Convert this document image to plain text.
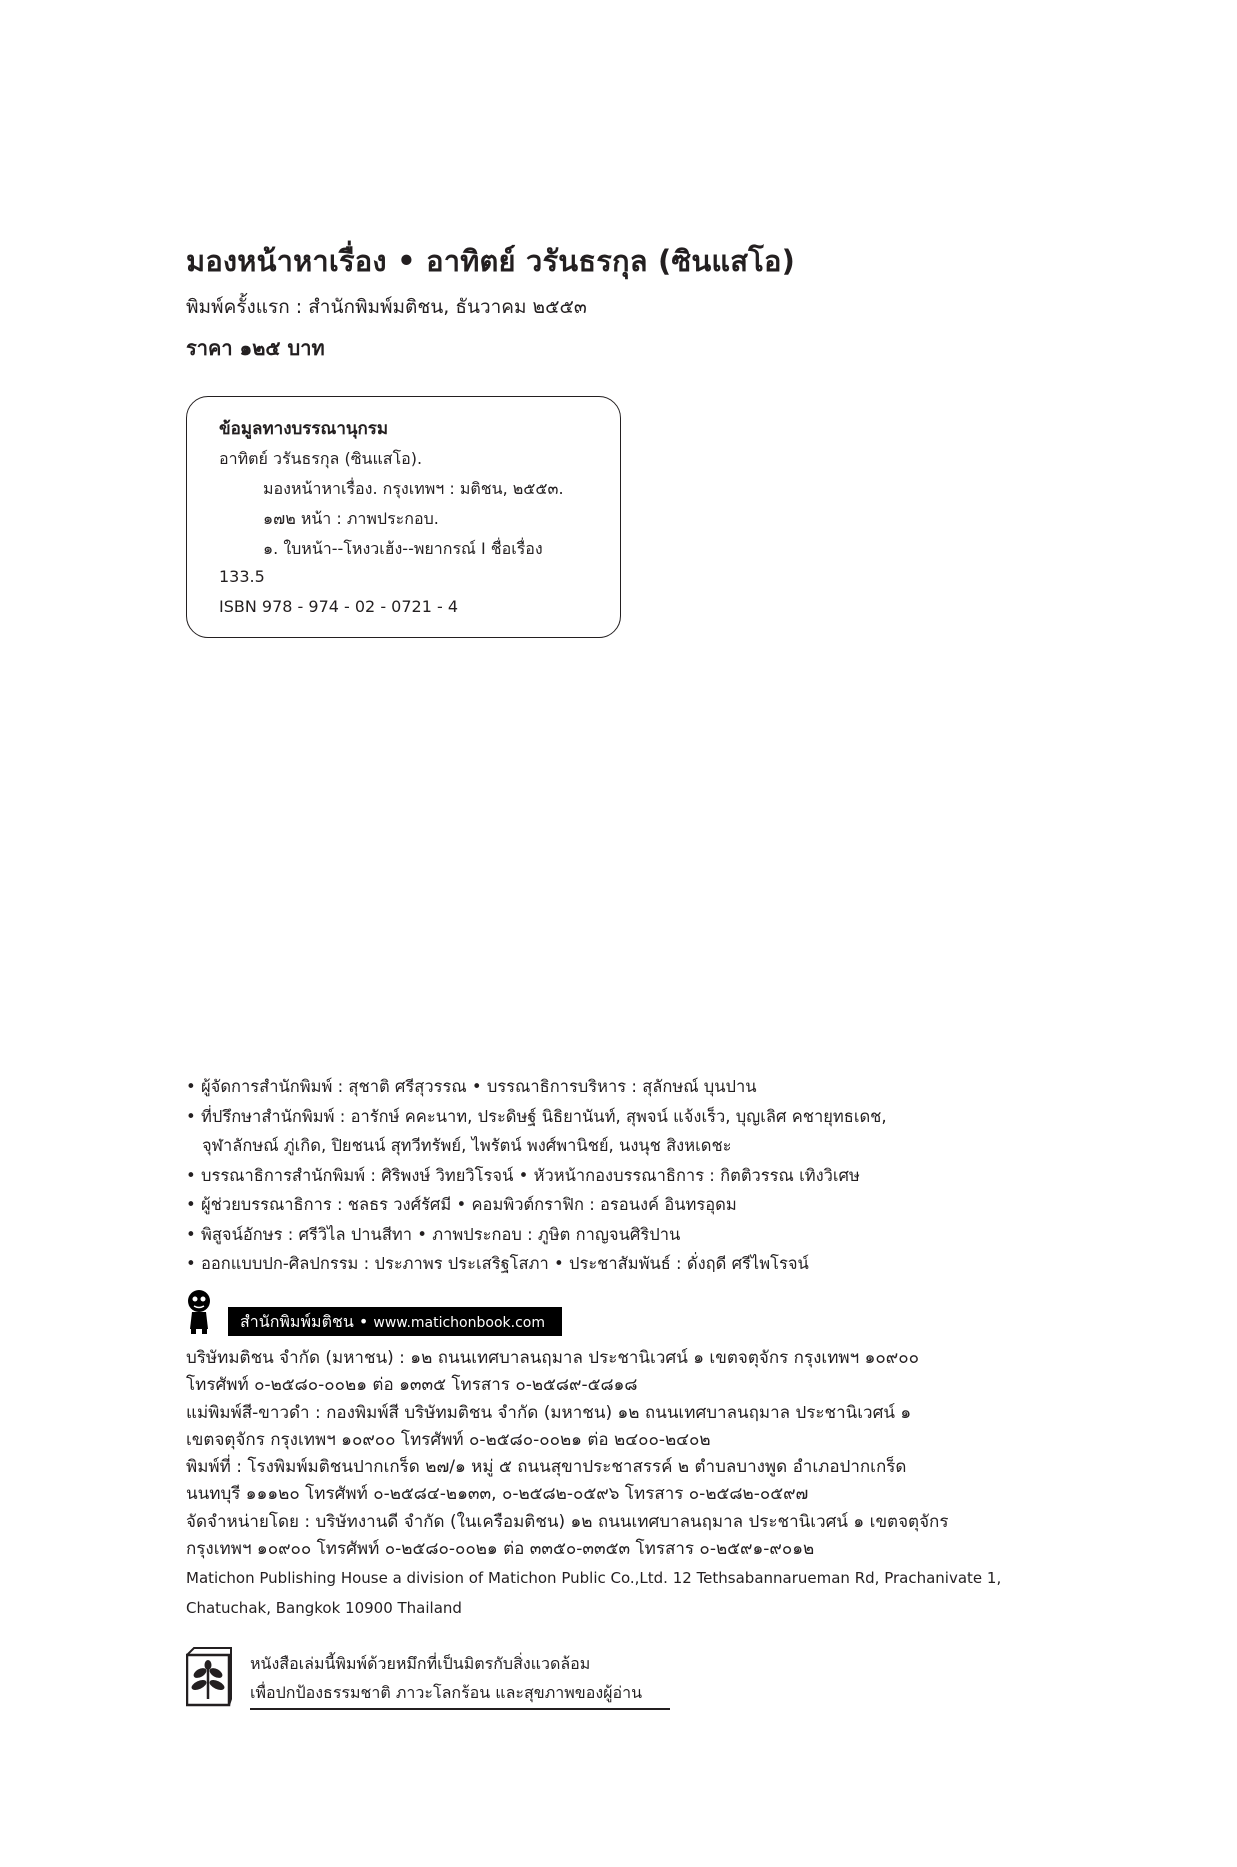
มองหน้าหาเรื่อง • อาทิตย์ วรันธรกุล (ซินแสโอ)
พิมพ์ครั้งแรก : สำนักพิมพ์มติชน, ธันวาคม ๒๕๕๓
ราคา ๑๒๕ บาท
ข้อมูลทางบรรณานุกรม
อาทิตย์ วรันธรกุล (ซินแสโอ).
มองหน้าหาเรื่อง. กรุงเทพฯ : มติชน, ๒๕๕๓.
๑๗๒ หน้า : ภาพประกอบ.
๑. ใบหน้า--โหงวเฮ้ง--พยากรณ์ I ชื่อเรื่อง
133.5
ISBN 978 - 974 - 02 - 0721 - 4
• ผู้จัดการสำนักพิมพ์ : สุชาติ ศรีสุวรรณ • บรรณาธิการบริหาร : สุลักษณ์ บุนปาน
• ที่ปรึกษาสำนักพิมพ์ : อารักษ์ คคะนาท, ประดิษฐ์ นิธิยานันท์, สุพจน์ แจ้งเร็ว, บุญเลิศ คชายุทธเดช,
จุฬาลักษณ์ ภู่เกิด, ปิยชนน์ สุทวีทรัพย์, ไพรัตน์ พงศ์พานิชย์, นงนุช สิงหเดชะ
• บรรณาธิการสำนักพิมพ์ : ศิริพงษ์ วิทยวิโรจน์ • หัวหน้ากองบรรณาธิการ : กิตติวรรณ เทิงวิเศษ
• ผู้ช่วยบรรณาธิการ : ชลธร วงศ์รัศมี • คอมพิวต์กราฟิก : อรอนงค์ อินทรอุดม
• พิสูจน์อักษร : ศรีวิไล ปานสีทา • ภาพประกอบ : ภูษิต กาญจนศิริปาน
• ออกแบบปก-ศิลปกรรม : ประภาพร ประเสริฐโสภา • ประชาสัมพันธ์ : ดั่งฤดี ศรีไพโรจน์
สำนักพิมพ์มติชน • www.matichonbook.com
บริษัทมติชน จำกัด (มหาชน) : ๑๒ ถนนเทศบาลนฤมาล ประชานิเวศน์ ๑ เขตจตุจักร กรุงเทพฯ ๑๐๙๐๐
โทรศัพท์ ๐-๒๕๘๐-๐๐๒๑ ต่อ ๑๓๓๕ โทรสาร ๐-๒๕๘๙-๕๘๑๘
แม่พิมพ์สี-ขาวดำ : กองพิมพ์สี บริษัทมติชน จำกัด (มหาชน) ๑๒ ถนนเทศบาลนฤมาล ประชานิเวศน์ ๑
เขตจตุจักร กรุงเทพฯ ๑๐๙๐๐ โทรศัพท์ ๐-๒๕๘๐-๐๐๒๑ ต่อ ๒๔๐๐-๒๔๐๒
พิมพ์ที่ : โรงพิมพ์มติชนปากเกร็ด ๒๗/๑ หมู่ ๕ ถนนสุขาประชาสรรค์ ๒ ตำบลบางพูด อำเภอปากเกร็ด
นนทบุรี ๑๑๑๒๐ โทรศัพท์ ๐-๒๕๘๔-๒๑๓๓, ๐-๒๕๘๒-๐๕๙๖ โทรสาร ๐-๒๕๘๒-๐๕๙๗
จัดจำหน่ายโดย : บริษัทงานดี จำกัด (ในเครือมติชน) ๑๒ ถนนเทศบาลนฤมาล ประชานิเวศน์ ๑ เขตจตุจักร
กรุงเทพฯ ๑๐๙๐๐ โทรศัพท์ ๐-๒๕๘๐-๐๐๒๑ ต่อ ๓๓๕๐-๓๓๕๓ โทรสาร ๐-๒๕๙๑-๙๐๑๒
Matichon Publishing House a division of Matichon Public Co.,Ltd. 12 Tethsabannarueman Rd, Prachanivate 1,
Chatuchak, Bangkok 10900 Thailand
หนังสือเล่มนี้พิมพ์ด้วยหมึกที่เป็นมิตรกับสิ่งแวดล้อม
เพื่อปกป้องธรรมชาติ ภาวะโลกร้อน และสุขภาพของผู้อ่าน
